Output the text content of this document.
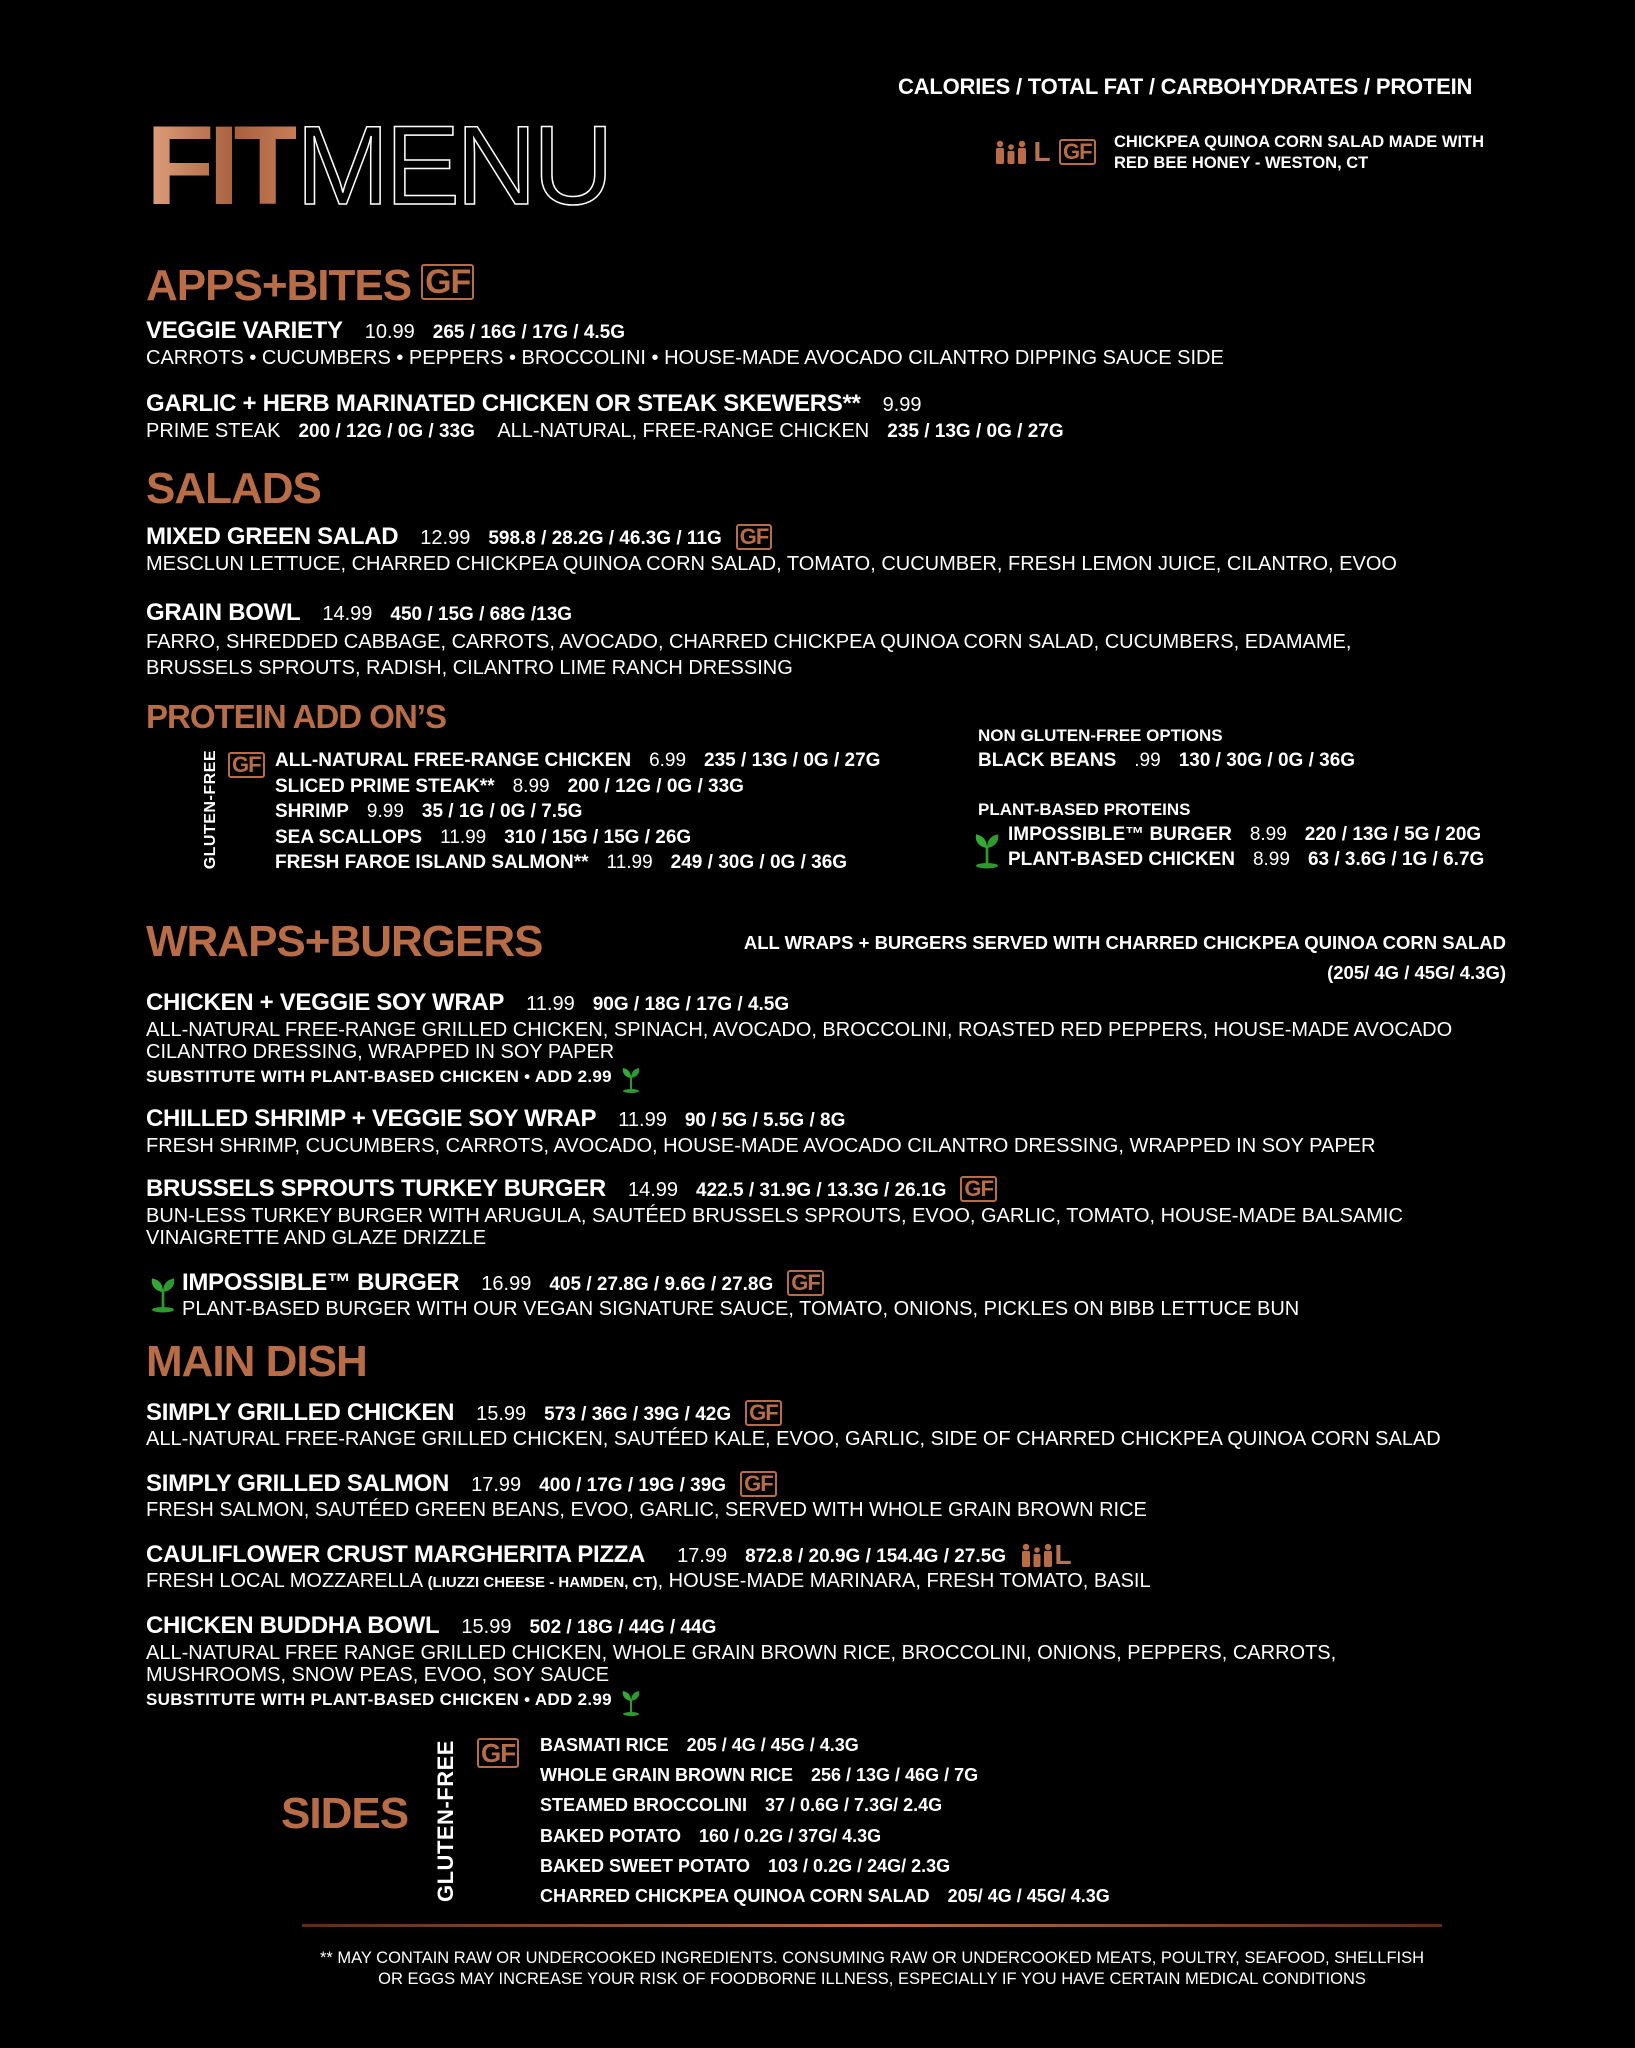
CALORIES / TOTAL FAT / CARBOHYDRATES / PROTEIN
FITMENU	L GF CHICKPEA QUINOA CORN SALAD MADE WITH
RED BEE HONEY - WESTON, CT
APPS+BITES GF
VEGGIE VARIETY 10.99 265 / 16G / 17G / 4.5G
CARROTS • CUCUMBERS • PEPPERS • BROCCOLINI • HOUSE-MADE AVOCADO CILANTRO DIPPING SAUCE SIDE
GARLIC + HERB MARINATED CHICKEN OR STEAK SKEWERS** 9.99
PRIME STEAK 200 / 12G / 0G / 33G ALL-NATURAL, FREE-RANGE CHICKEN 235 / 13G / 0G / 27G
SALADS
MIXED GREEN SALAD 12.99 598.8 / 28.2G / 46.3G / 11G GF
MESCLUN LETTUCE, CHARRED CHICKPEA QUINOA CORN SALAD, TOMATO, CUCUMBER, FRESH LEMON JUICE, CILANTRO, EVOO
GRAIN BOWL 14.99 450 / 15G / 68G /13G
FARRO, SHREDDED CABBAGE, CARROTS, AVOCADO, CHARRED CHICKPEA QUINOA CORN SALAD, CUCUMBERS, EDAMAME,
BRUSSELS SPROUTS, RADISH, CILANTRO LIME RANCH DRESSING
PROTEIN ADD ON’S
GLUTEN-FREE GF ALL-NATURAL FREE-RANGE CHICKEN 6.99 235 / 13G / 0G / 27G
SLICED PRIME STEAK** 8.99 200 / 12G / 0G / 33G
SHRIMP 9.99 35 / 1G / 0G / 7.5G
SEA SCALLOPS 11.99 310 / 15G / 15G / 26G
FRESH FAROE ISLAND SALMON** 11.99 249 / 30G / 0G / 36G
NON GLUTEN-FREE OPTIONS
BLACK BEANS .99 130 / 30G / 0G / 36G
PLANT-BASED PROTEINS
IMPOSSIBLE™ BURGER 8.99 220 / 13G / 5G / 20G
PLANT-BASED CHICKEN 8.99 63 / 3.6G / 1G / 6.7G
WRAPS+BURGERS	ALL WRAPS + BURGERS SERVED WITH CHARRED CHICKPEA QUINOA CORN SALAD
(205/ 4G / 45G/ 4.3G)
CHICKEN + VEGGIE SOY WRAP 11.99 90G / 18G / 17G / 4.5G
ALL-NATURAL FREE-RANGE GRILLED CHICKEN, SPINACH, AVOCADO, BROCCOLINI, ROASTED RED PEPPERS, HOUSE-MADE AVOCADO
CILANTRO DRESSING, WRAPPED IN SOY PAPER
SUBSTITUTE WITH PLANT-BASED CHICKEN • ADD 2.99
CHILLED SHRIMP + VEGGIE SOY WRAP 11.99 90 / 5G / 5.5G / 8G
FRESH SHRIMP, CUCUMBERS, CARROTS, AVOCADO, HOUSE-MADE AVOCADO CILANTRO DRESSING, WRAPPED IN SOY PAPER
BRUSSELS SPROUTS TURKEY BURGER 14.99 422.5 / 31.9G / 13.3G / 26.1G GF
BUN-LESS TURKEY BURGER WITH ARUGULA, SAUTÉED BRUSSELS SPROUTS, EVOO, GARLIC, TOMATO, HOUSE-MADE BALSAMIC
VINAIGRETTE AND GLAZE DRIZZLE
IMPOSSIBLE™ BURGER 16.99 405 / 27.8G / 9.6G / 27.8G GF
PLANT-BASED BURGER WITH OUR VEGAN SIGNATURE SAUCE, TOMATO, ONIONS, PICKLES ON BIBB LETTUCE BUN
MAIN DISH
SIMPLY GRILLED CHICKEN 15.99 573 / 36G / 39G / 42G GF
ALL-NATURAL FREE-RANGE GRILLED CHICKEN, SAUTÉED KALE, EVOO, GARLIC, SIDE OF CHARRED CHICKPEA QUINOA CORN SALAD
SIMPLY GRILLED SALMON 17.99 400 / 17G / 19G / 39G GF
FRESH SALMON, SAUTÉED GREEN BEANS, EVOO, GARLIC, SERVED WITH WHOLE GRAIN BROWN RICE
CAULIFLOWER CRUST MARGHERITA PIZZA 17.99 872.8 / 20.9G / 154.4G / 27.5G L
FRESH LOCAL MOZZARELLA (LIUZZI CHEESE - HAMDEN, CT), HOUSE-MADE MARINARA, FRESH TOMATO, BASIL
CHICKEN BUDDHA BOWL 15.99 502 / 18G / 44G / 44G
ALL-NATURAL FREE RANGE GRILLED CHICKEN, WHOLE GRAIN BROWN RICE, BROCCOLINI, ONIONS, PEPPERS, CARROTS,
MUSHROOMS, SNOW PEAS, EVOO, SOY SAUCE
SUBSTITUTE WITH PLANT-BASED CHICKEN • ADD 2.99
SIDES GLUTEN-FREE GF BASMATI RICE 205 / 4G / 45G / 4.3G
WHOLE GRAIN BROWN RICE 256 / 13G / 46G / 7G
STEAMED BROCCOLINI 37 / 0.6G / 7.3G/ 2.4G
BAKED POTATO 160 / 0.2G / 37G/ 4.3G
BAKED SWEET POTATO 103 / 0.2G / 24G/ 2.3G
CHARRED CHICKPEA QUINOA CORN SALAD 205/ 4G / 45G/ 4.3G
** MAY CONTAIN RAW OR UNDERCOOKED INGREDIENTS. CONSUMING RAW OR UNDERCOOKED MEATS, POULTRY, SEAFOOD, SHELLFISH
OR EGGS MAY INCREASE YOUR RISK OF FOODBORNE ILLNESS, ESPECIALLY IF YOU HAVE CERTAIN MEDICAL CONDITIONS
